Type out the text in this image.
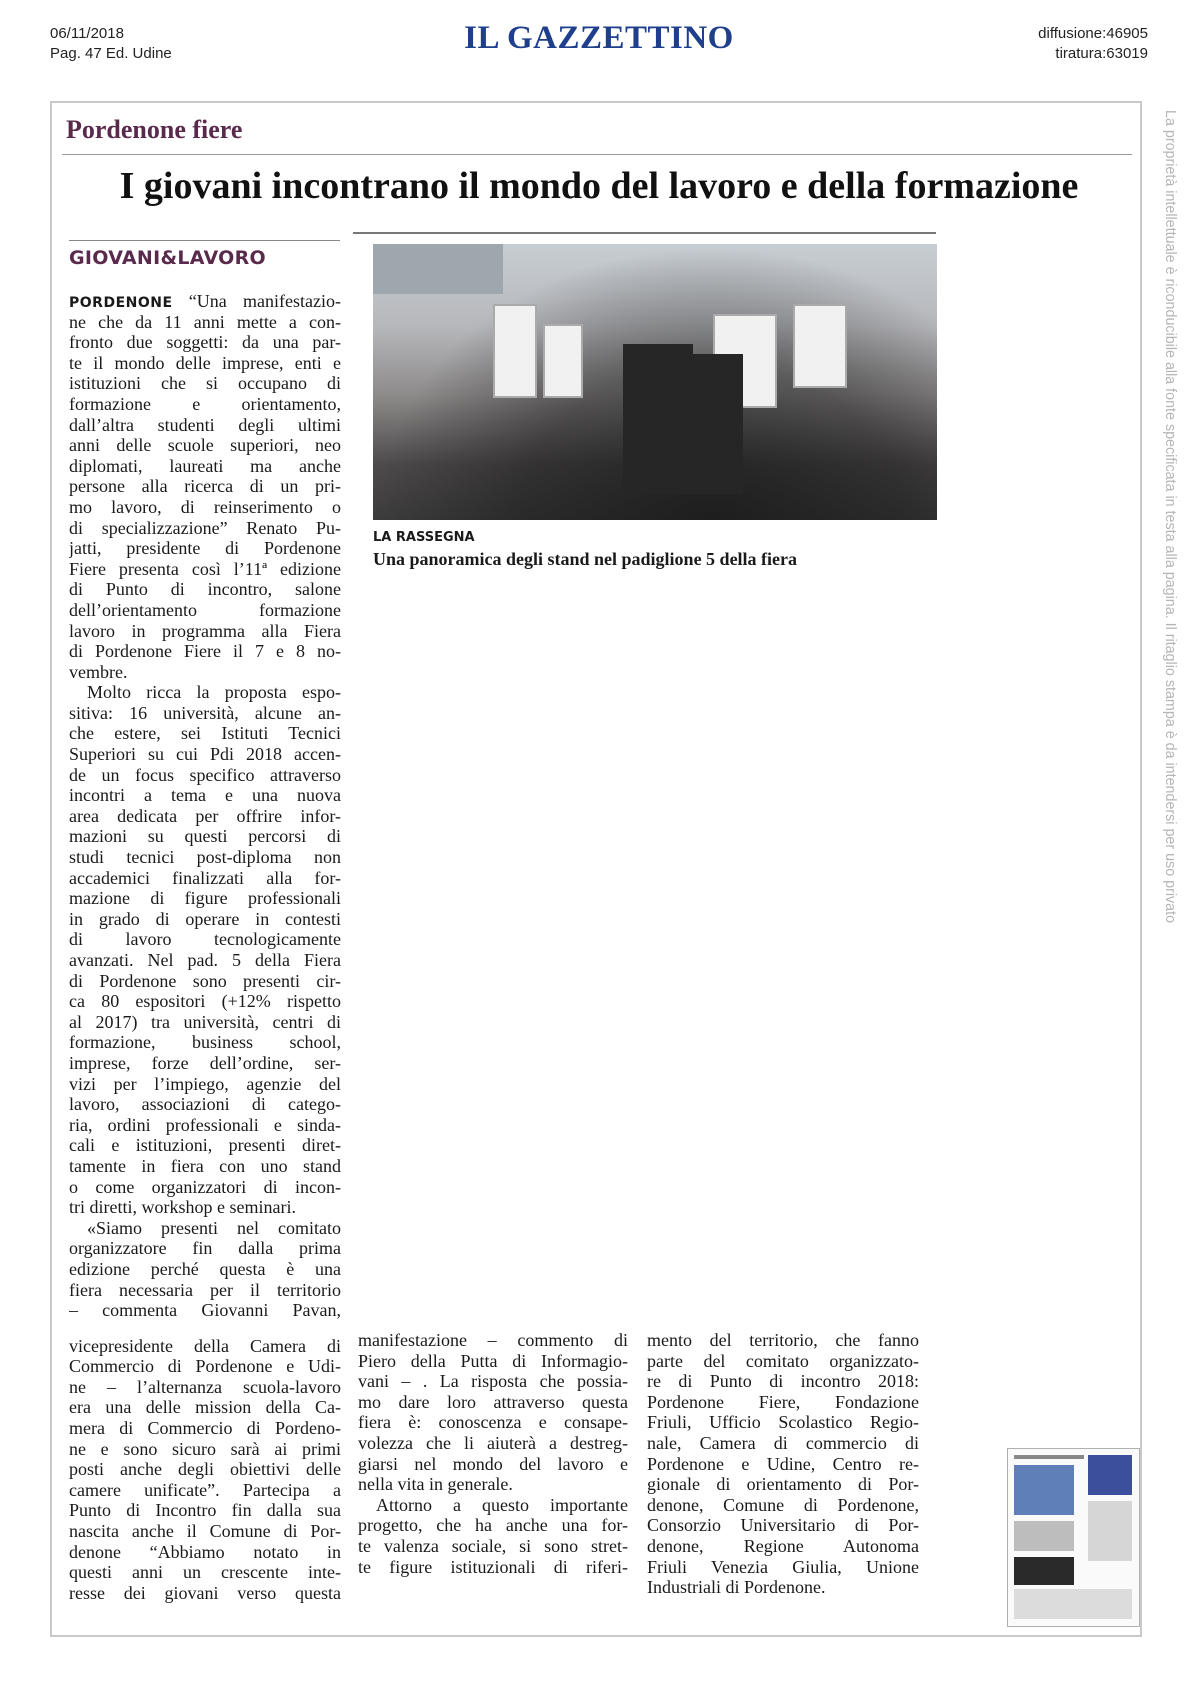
06/11/2018
Pag. 47 Ed. Udine	IL GAZZETTINO	diffusione:46905
tiratura:63019
La proprietà intellettuale è riconducibile alla fonte specificata in testa alla pagina. Il ritaglio stampa è da intendersi per uso privato
Pordenone fiere
I giovani incontrano il mondo del lavoro e della formazione
GIOVANI&LAVORO
LA RASSEGNA
Una panoramica degli stand nel padiglione 5 della fiera
PORDENONE “Una manifestazio-
ne che da 11 anni mette a con-
fronto due soggetti: da una par-
te il mondo delle imprese, enti e
istituzioni che si occupano di
formazione e orientamento,
dall’altra studenti degli ultimi
anni delle scuole superiori, neo
diplomati, laureati ma anche
persone alla ricerca di un pri-
mo lavoro, di reinserimento o
di specializzazione” Renato Pu-
jatti, presidente di Pordenone
Fiere presenta così l’11ª edizione
di Punto di incontro, salone
dell’orientamento formazione
lavoro in programma alla Fiera
di Pordenone Fiere il 7 e 8 no-
vembre.
Molto ricca la proposta espo-
sitiva: 16 università, alcune an-
che estere, sei Istituti Tecnici
Superiori su cui Pdi 2018 accen-
de un focus specifico attraverso
incontri a tema e una nuova
area dedicata per offrire infor-
mazioni su questi percorsi di
studi tecnici post-diploma non
accademici finalizzati alla for-
mazione di figure professionali
in grado di operare in contesti
di lavoro tecnologicamente
avanzati. Nel pad. 5 della Fiera
di Pordenone sono presenti cir-
ca 80 espositori (+12% rispetto
al 2017) tra università, centri di
formazione, business school,
imprese, forze dell’ordine, ser-
vizi per l’impiego, agenzie del
lavoro, associazioni di catego-
ria, ordini professionali e sinda-
cali e istituzioni, presenti diret-
tamente in fiera con uno stand
o come organizzatori di incon-
tri diretti, workshop e seminari.
«Siamo presenti nel comitato
organizzatore fin dalla prima
edizione perché questa è una
fiera necessaria per il territorio
– commenta Giovanni Pavan,
vicepresidente della Camera di
Commercio di Pordenone e Udi-
ne – l’alternanza scuola-lavoro
era una delle mission della Ca-
mera di Commercio di Pordeno-
ne e sono sicuro sarà ai primi
posti anche degli obiettivi delle
camere unificate”. Partecipa a
Punto di Incontro fin dalla sua
nascita anche il Comune di Por-
denone “Abbiamo notato in
questi anni un crescente inte-
resse dei giovani verso questa
manifestazione – commento di
Piero della Putta di Informagio-
vani – . La risposta che possia-
mo dare loro attraverso questa
fiera è: conoscenza e consape-
volezza che li aiuterà a destreg-
giarsi nel mondo del lavoro e
nella vita in generale.
Attorno a questo importante
progetto, che ha anche una for-
te valenza sociale, si sono stret-
te figure istituzionali di riferi-
mento del territorio, che fanno
parte del comitato organizzato-
re di Punto di incontro 2018:
Pordenone Fiere, Fondazione
Friuli, Ufficio Scolastico Regio-
nale, Camera di commercio di
Pordenone e Udine, Centro re-
gionale di orientamento di Por-
denone, Comune di Pordenone,
Consorzio Universitario di Por-
denone, Regione Autonoma
Friuli Venezia Giulia, Unione
Industriali di Pordenone.
